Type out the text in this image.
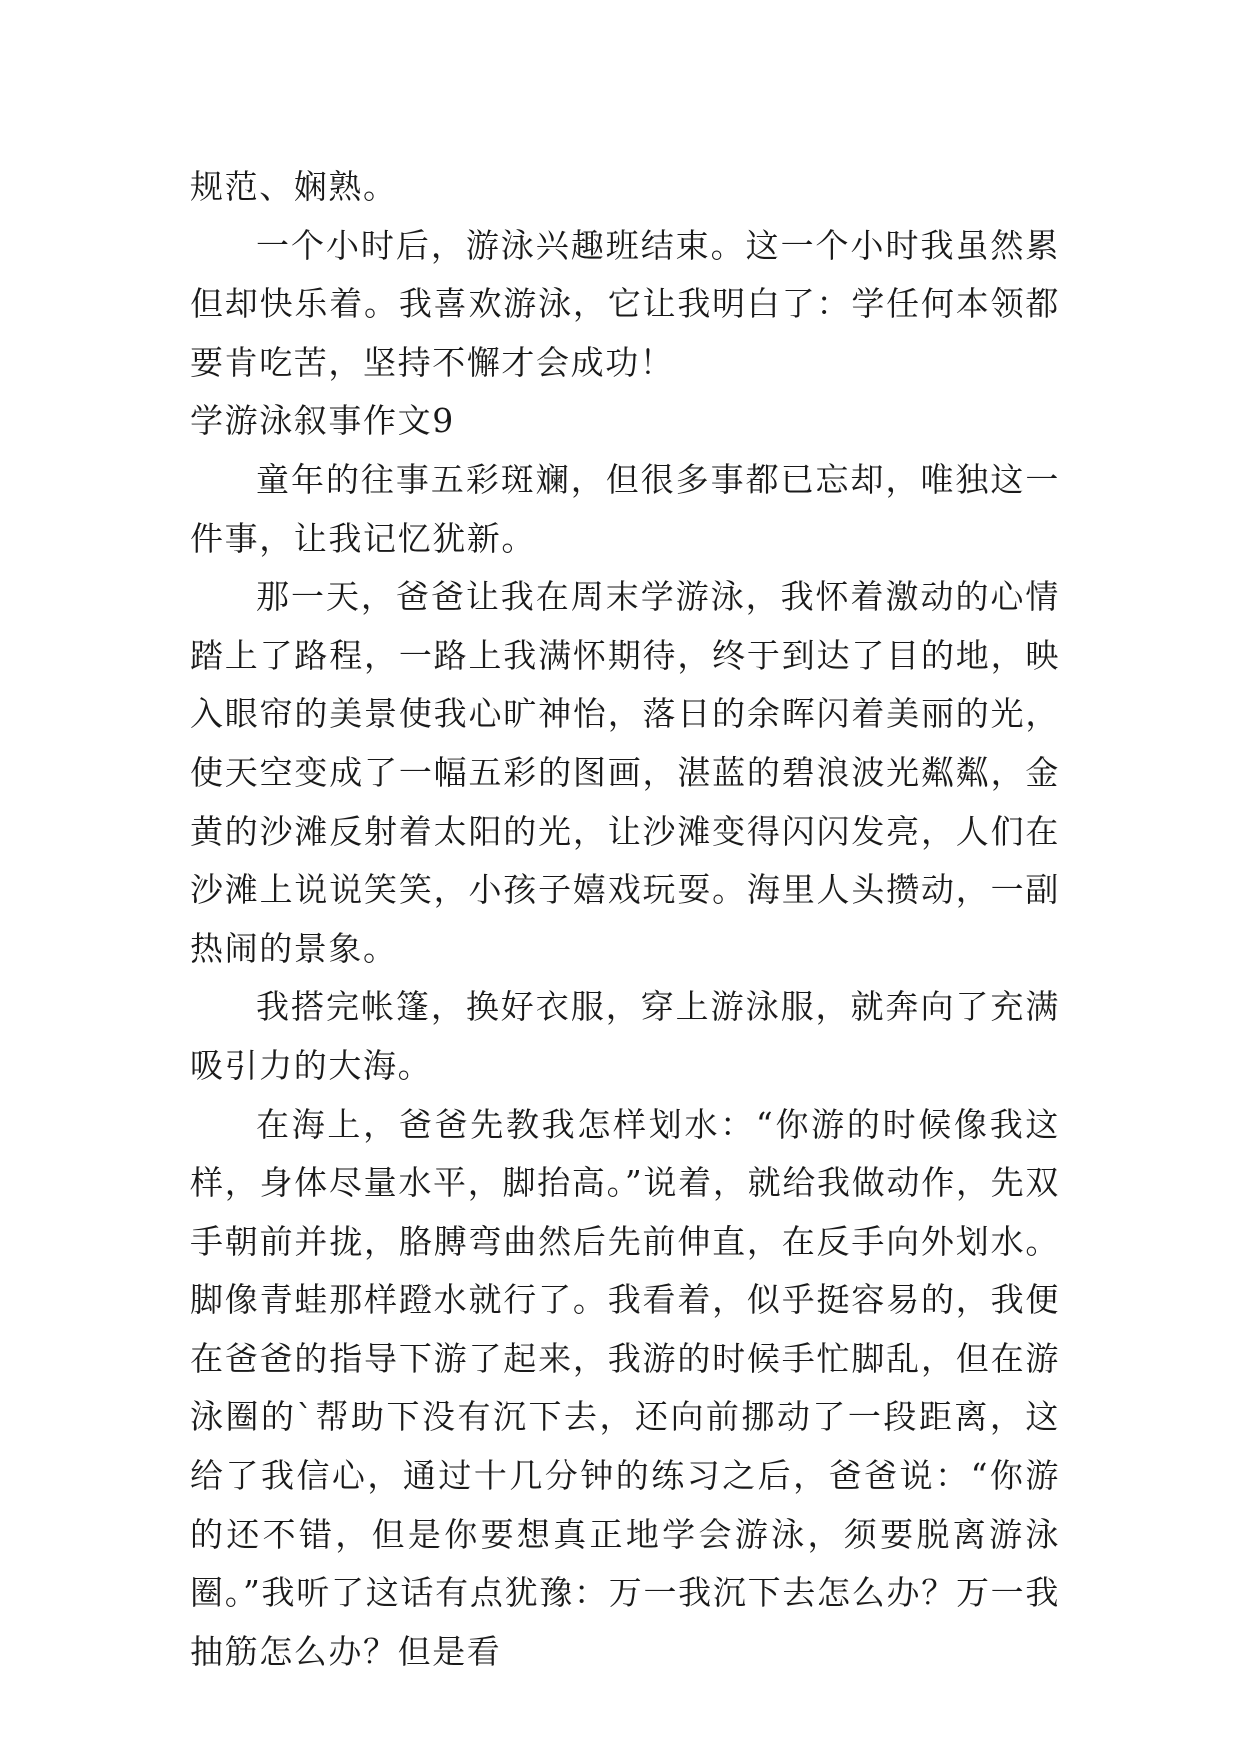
规范、娴熟。

一个小时后，游泳兴趣班结束。这一个小时我虽然累但却快乐着。我喜欢游泳，它让我明白了：学任何本领都要肯吃苦，坚持不懈才会成功！

学游泳叙事作文9

童年的往事五彩斑斓，但很多事都已忘却，唯独这一件事，让我记忆犹新。

那一天，爸爸让我在周末学游泳，我怀着激动的心情踏上了路程，一路上我满怀期待，终于到达了目的地，映入眼帘的美景使我心旷神怡，落日的余晖闪着美丽的光，使天空变成了一幅五彩的图画，湛蓝的碧浪波光粼粼，金黄的沙滩反射着太阳的光，让沙滩变得闪闪发亮，人们在沙滩上说说笑笑，小孩子嬉戏玩耍。海里人头攒动，一副热闹的景象。

我搭完帐篷，换好衣服，穿上游泳服，就奔向了充满吸引力的大海。

在海上，爸爸先教我怎样划水：“你游的时候像我这样，身体尽量水平，脚抬高。”说着，就给我做动作，先双手朝前并拢，胳膊弯曲然后先前伸直，在反手向外划水。脚像青蛙那样蹬水就行了。我看着，似乎挺容易的，我便在爸爸的指导下游了起来，我游的时候手忙脚乱，但在游泳圈的`帮助下没有沉下去，还向前挪动了一段距离，这给了我信心，通过十几分钟的练习之后，爸爸说：“你游的还不错，但是你要想真正地学会游泳，须要脱离游泳圈。”我听了这话有点犹豫：万一我沉下去怎么办？万一我抽筋怎么办？但是看
